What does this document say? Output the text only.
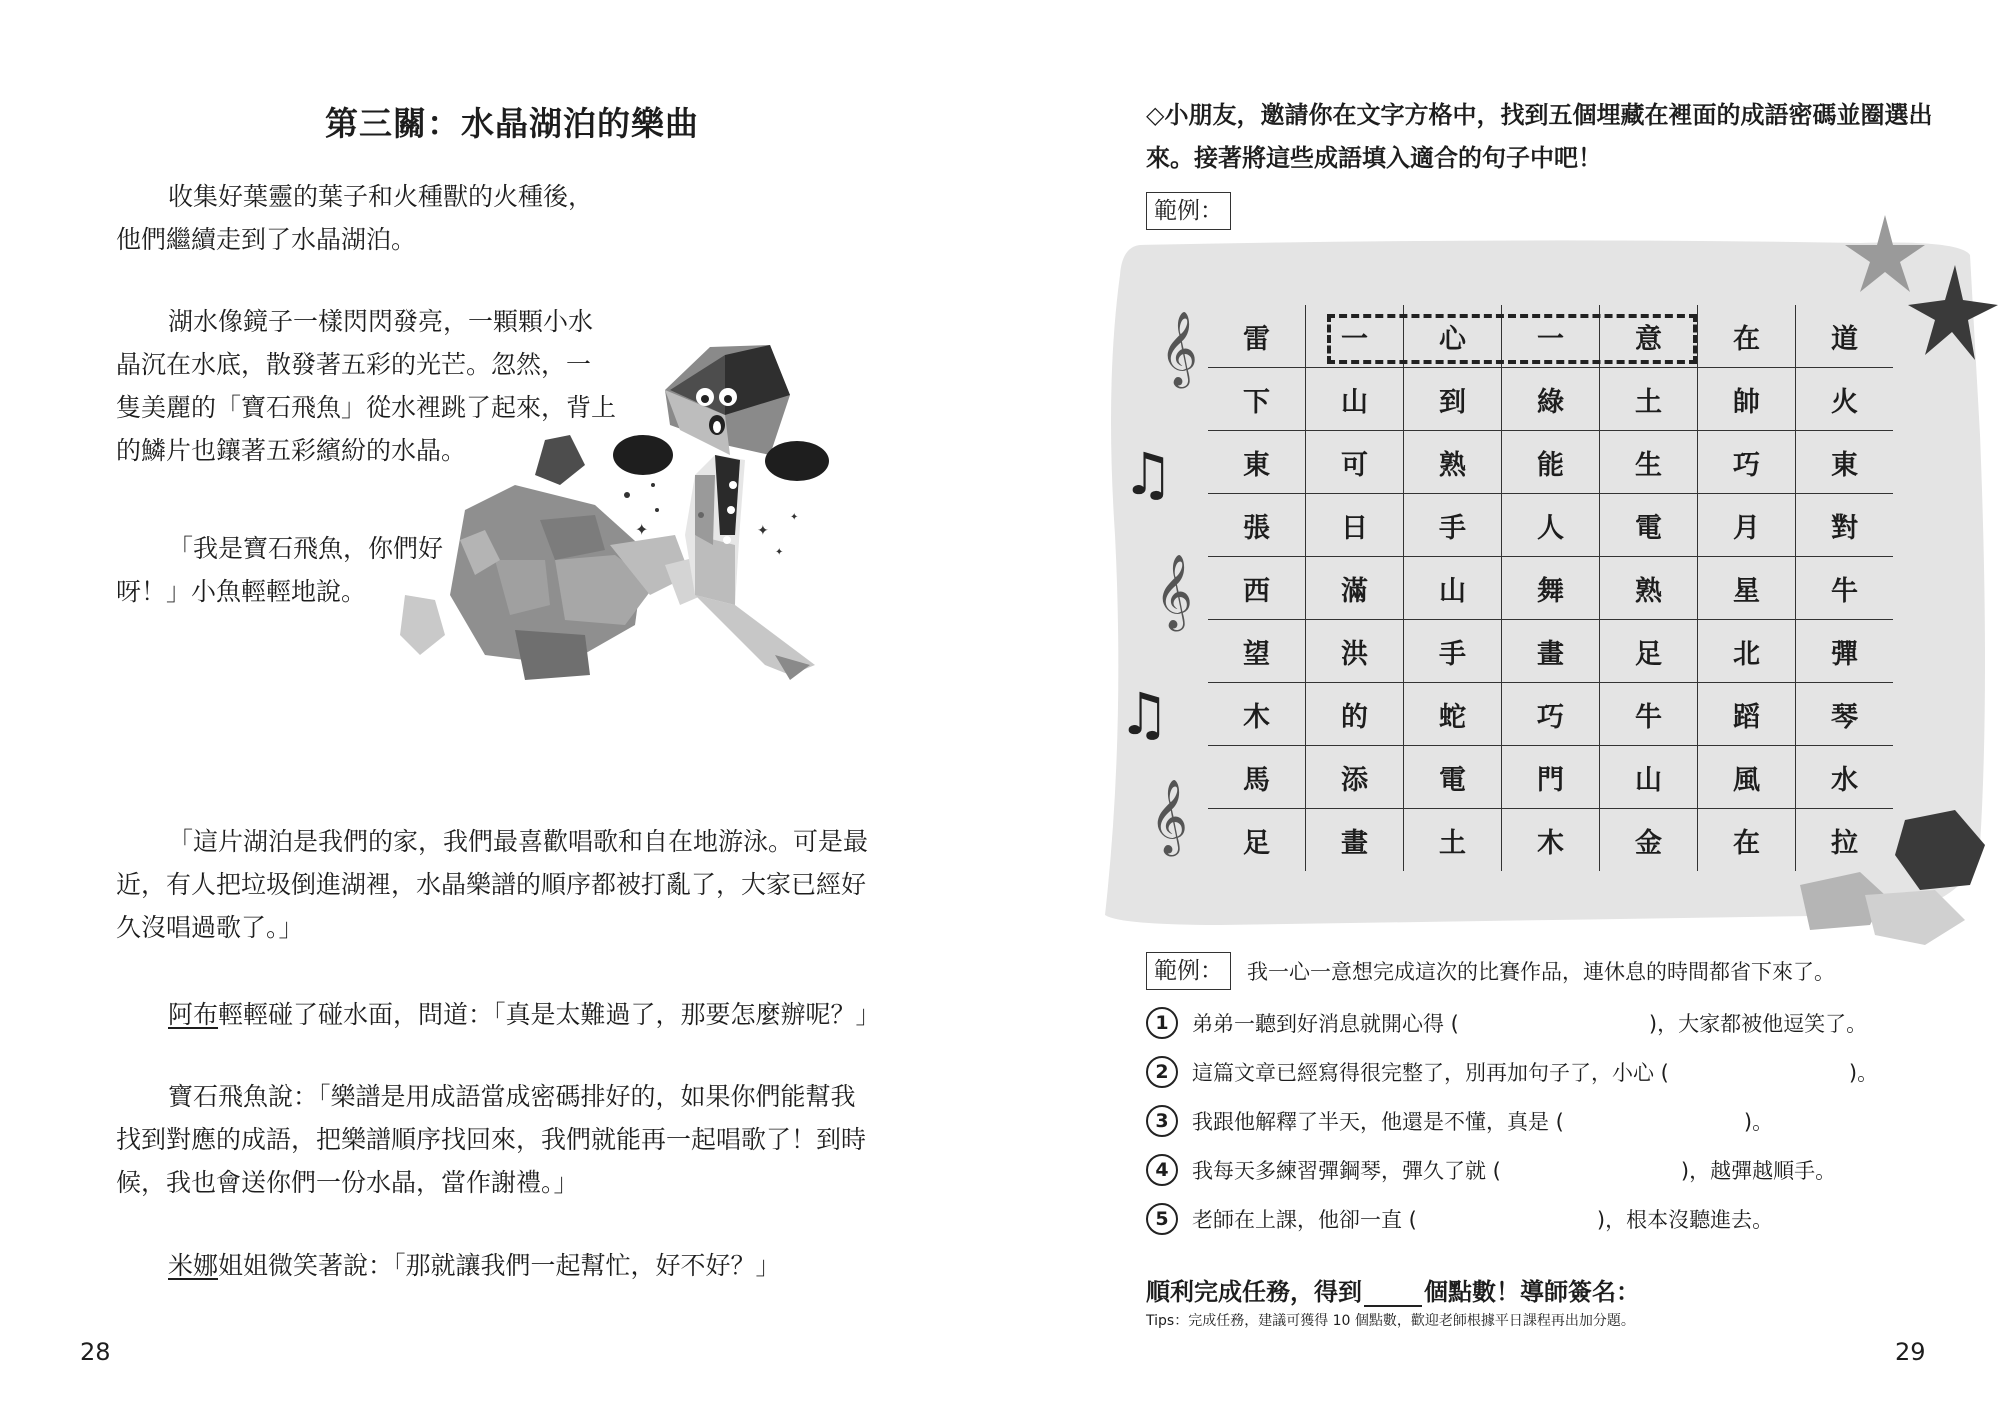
第三關：水晶湖泊的樂曲

收集好葉靈的葉子和火種獸的火種後，

他們繼續走到了水晶湖泊。

湖水像鏡子一樣閃閃發亮，一顆顆小水

晶沉在水底，散發著五彩的光芒。忽然，一

隻美麗的「寶石飛魚」從水裡跳了起來，背上

的鱗片也鑲著五彩繽紛的水晶。

「我是寶石飛魚，你們好

呀！」小魚輕輕地說。

✦	✦
✦
✦

「這片湖泊是我們的家，我們最喜歡唱歌和自在地游泳。可是最

近，有人把垃圾倒進湖裡，水晶樂譜的順序都被打亂了，大家已經好

久沒唱過歌了。」

阿布輕輕碰了碰水面，問道：「真是太難過了，那要怎麼辦呢？」

寶石飛魚說：「樂譜是用成語當成密碼排好的，如果你們能幫我

找到對應的成語，把樂譜順序找回來，我們就能再一起唱歌了！到時

候，我也會送你們一份水晶，當作謝禮。」

米娜姐姐微笑著說：「那就讓我們一起幫忙，好不好？」

28
◇小朋友，邀請你在文字方格中，找到五個埋藏在裡面的成語密碼並圈選出來。接著將這些成語填入適合的句子中吧！
範例：
𝄞
♫
𝄞
♫
𝄞
雷	一	心	一	意	在	道
下	山	到	綠	土	帥	火
東	可	熟	能	生	巧	東
張	日	手	人	電	月	對
西	滿	山	舞	熟	星	牛
望	洪	手	畫	足	北	彈
木	的	蛇	巧	牛	蹈	琴
馬	添	電	門	山	風	水
足	畫	土	木	金	在	拉
範例：	我一心一意想完成這次的比賽作品，連休息的時間都省下來了。
1	弟弟一聽到好消息就開心得 (	)，大家都被他逗笑了。
2	這篇文章已經寫得很完整了，別再加句子了，小心 (	)。
3	我跟他解釋了半天，他還是不懂，真是 (	)。
4	我每天多練習彈鋼琴，彈久了就 (	)，越彈越順手。
5	老師在上課，他卻一直 (	)，根本沒聽進去。
順利完成任務，得到	個點數！導師簽名：
Tips：完成任務，建議可獲得 10 個點數，歡迎老師根據平日課程再出加分題。
29
